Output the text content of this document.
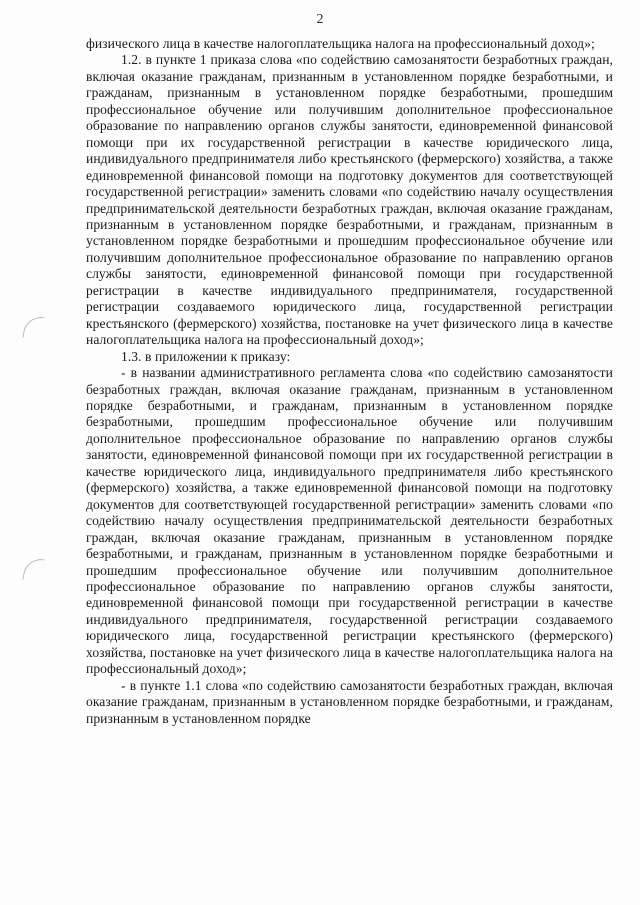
2

физического лица в качестве налогоплательщика налога на профессиональный доход»;

1.2. в пункте 1 приказа слова «по содействию самозанятости безработных граждан, включая оказание гражданам, признанным в установленном порядке безработными, и гражданам, признанным в установленном порядке безработными, прошедшим профессиональное обучение или получившим дополнительное профессиональное образование по направлению органов службы занятости, единовременной финансовой помощи при их государственной регистрации в качестве юридического лица, индивидуального предпринимателя либо крестьянского (фермерского) хозяйства, а также единовременной финансовой помощи на подготовку документов для соответствующей государственной регистрации» заменить словами «по содействию началу осуществления предпринимательской деятельности безработных граждан, включая оказание гражданам, признанным в установленном порядке безработными, и гражданам, признанным в установленном порядке безработными и прошедшим профессиональное обучение или получившим дополнительное профессиональное образование по направлению органов службы занятости, единовременной финансовой помощи при государственной регистрации в качестве индивидуального предпринимателя, государственной регистрации создаваемого юридического лица, государственной регистрации крестьянского (фермерского) хозяйства, постановке на учет физического лица в качестве налогоплательщика налога на профессиональный доход»;

1.3. в приложении к приказу:

- в названии административного регламента слова «по содействию самозанятости безработных граждан, включая оказание гражданам, признанным в установленном порядке безработными, и гражданам, признанным в установленном порядке безработными, прошедшим профессиональное обучение или получившим дополнительное профессиональное образование по направлению органов службы занятости, единовременной финансовой помощи при их государственной регистрации в качестве юридического лица, индивидуального предпринимателя либо крестьянского (фермерского) хозяйства, а также единовременной финансовой помощи на подготовку документов для соответствующей государственной регистрации» заменить словами «по содействию началу осуществления предпринимательской деятельности безработных граждан, включая оказание гражданам, признанным в установленном порядке безработными, и гражданам, признанным в установленном порядке безработными и прошедшим профессиональное обучение или получившим дополнительное профессиональное образование по направлению органов службы занятости, единовременной финансовой помощи при государственной регистрации в качестве индивидуального предпринимателя, государственной регистрации создаваемого юридического лица, государственной регистрации крестьянского (фермерского) хозяйства, постановке на учет физического лица в качестве налогоплательщика налога на профессиональный доход»;

- в пункте 1.1 слова «по содействию самозанятости безработных граждан, включая оказание гражданам, признанным в установленном порядке безработными, и гражданам, признанным в установленном порядке
